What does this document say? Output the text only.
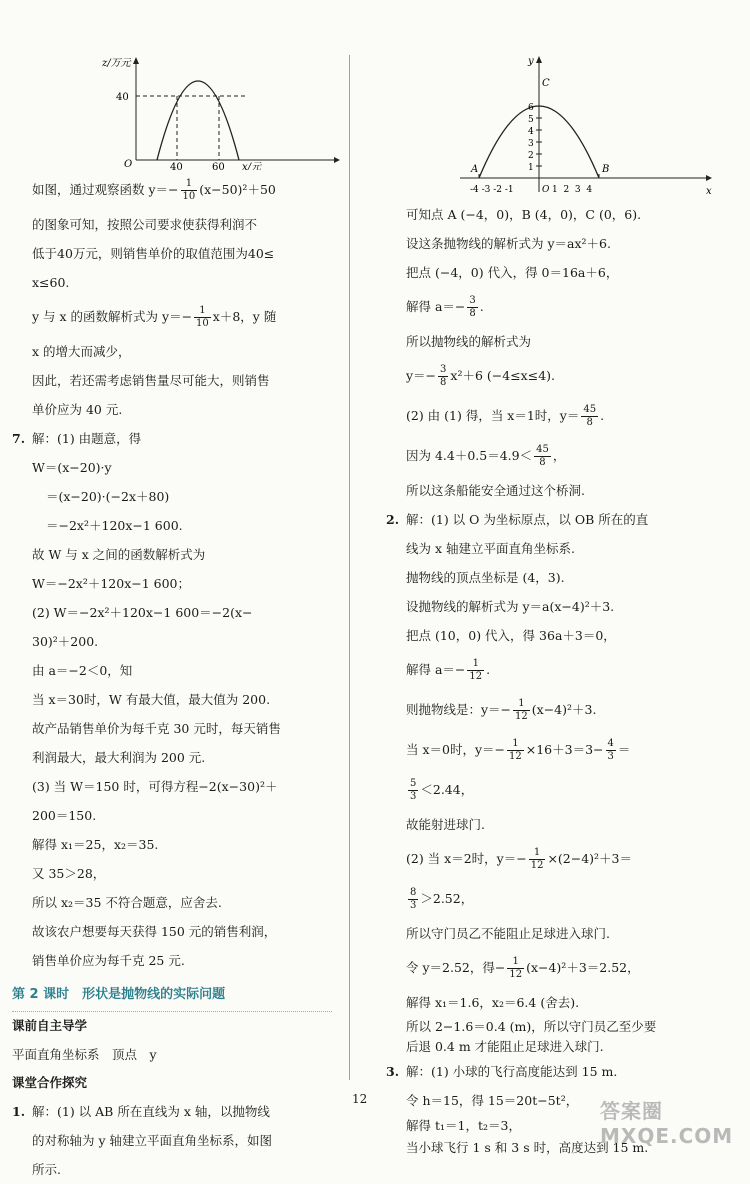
z/万元
40
O	40	60 x/元
如图，通过观察函数 $y=- \frac{1}{10} (x-50)^2+50$
的图象可知，按照公司要求使获得利润不
低于40万元，则销售单价的取值范围为40≤
x≤60.
y 与 x 的函数解析式为 $y=- \frac{1}{10} x+8$，y 随
x 的增大而减少，
因此，若还需考虑销售量尽可能大，则销售
单价应为 40 元.
7. 解：(1) 由题意，得
W＝(x−20)·y
＝(x−20)·(−2x＋80)
＝−2x²＋120x−1 600.
故 W 与 x 之间的函数解析式为
W＝−2x²＋120x−1 600；
(2) W＝−2x²＋120x−1 600＝−2(x−
30)²＋200.
由 a＝−2＜0，知
当 x＝30时，W 有最大值，最大值为 200.
故产品销售单价为每千克 30 元时，每天销售
利润最大，最大利润为 200 元.
(3) 当 W＝150 时，可得方程−2(x−30)²＋
200＝150.
解得 x₁＝25，x₂＝35.
又 35＞28，
所以 x₂＝35 不符合题意，应舍去.
故该农户想要每天获得 150 元的销售利润，
销售单价应为每千克 25 元.
第 2 课时　形状是抛物线的实际问题
课前自主导学
平面直角坐标系　顶点　y
课堂合作探究
1. 解：(1) 以 AB 所在直线为 x 轴，以抛物线
的对称轴为 y 轴建立平面直角坐标系，如图
所示.
y
C
6
5
4
3
2
1
A	B
x
-4 -3 -2 -1	O 1  2  3  4
可知点 A (−4，0)，B (4，0)，C (0，6).
设这条抛物线的解析式为 y＝ax²＋6.
把点 (−4，0) 代入，得 0＝16a＋6，
解得 $a=- \frac{3}{8}$ .
所以抛物线的解析式为
$y=- \frac{3}{8} x^2+6$ (−4≤x≤4).
(2) 由 (1) 得，当 x＝1时，$y= \frac{45}{8}$ .
因为 $4.4+0.5=4.9< \frac{45}{8}$ ，
所以这条船能安全通过这个桥洞.
2. 解：(1) 以 O 为坐标原点，以 OB 所在的直
线为 x 轴建立平面直角坐标系.
抛物线的顶点坐标是 (4，3).
设抛物线的解析式为 y＝a(x−4)²＋3.
把点 (10，0) 代入，得 36a＋3＝0，
解得 $a=- \frac{1}{12}$ .
则抛物线是：$y=- \frac{1}{12} (x-4)^2+3$.
当 x＝0时，$y=- \frac{1}{12} \times 16+3=3- \frac{4}{3}$ ＝
$\frac{5}{3} <2.44$，
故能射进球门.
(2) 当 x＝2时，$y=- \frac{1}{12} \times(2-4)^2+3=$
$\frac{8}{3} >2.52$，
所以守门员乙不能阻止足球进入球门.
令 y＝2.52，得− $\frac{1}{12} (x-4)^2+3=2.52$，
解得 x₁＝1.6，x₂＝6.4 (舍去).
所以 2−1.6＝0.4 (m)，所以守门员乙至少要
后退 0.4 m 才能阻止足球进入球门.
3. 解：(1) 小球的飞行高度能达到 15 m.
令 h＝15，得 15＝20t−5t²，
解得 t₁＝1，t₂＝3，
当小球飞行 1 s 和 3 s 时，高度达到 15 m.
12	答案圈 MXQE.COM
